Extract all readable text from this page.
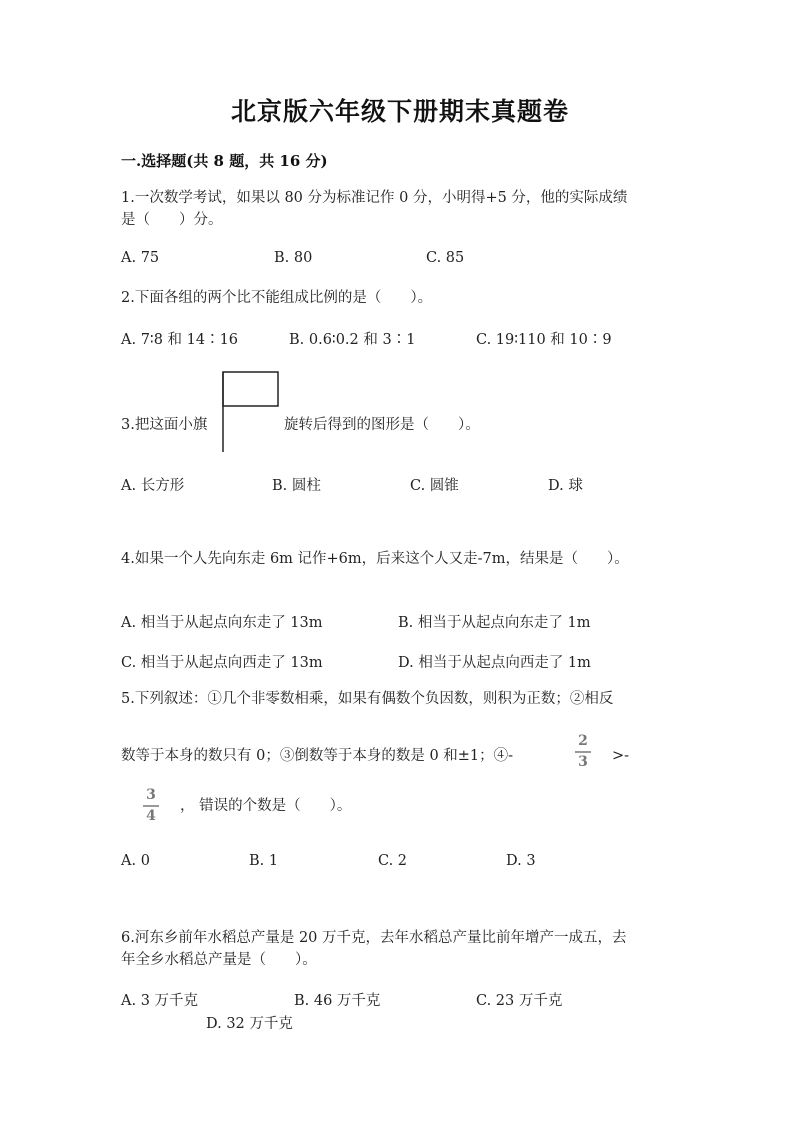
北京版六年级下册期末真题卷
一.选择题(共 8 题，共 16 分)
1.一次数学考试，如果以 80 分为标准记作 0 分，小明得+5 分，他的实际成绩
是（　　）分。
A. 75	B. 80	C. 85
2.下面各组的两个比不能组成比例的是（　　）。
A. 7∶8 和 14∶16	B. 0.6∶0.2 和 3∶1	C. 19∶110 和 10∶9
3.把这面小旗	旋转后得到的图形是（　　）。
A. 长方形	B. 圆柱	C. 圆锥	D. 球
4.如果一个人先向东走 6m 记作+6m，后来这个人又走-7m，结果是（　　）。
A. 相当于从起点向东走了 13m	B. 相当于从起点向东走了 1m
C. 相当于从起点向西走了 13m	D. 相当于从起点向西走了 1m
5.下列叙述：①几个非零数相乘，如果有偶数个负因数，则积为正数；②相反
数等于本身的数只有 0；③倒数等于本身的数是 0 和±1；④-
2
3	>-
3
4
， 错误的个数是（　　）。
A. 0	B. 1	C. 2	D. 3
6.河东乡前年水稻总产量是 20 万千克，去年水稻总产量比前年增产一成五，去
年全乡水稻总产量是（　　）。
A. 3 万千克	B. 46 万千克	C. 23 万千克
D. 32 万千克
